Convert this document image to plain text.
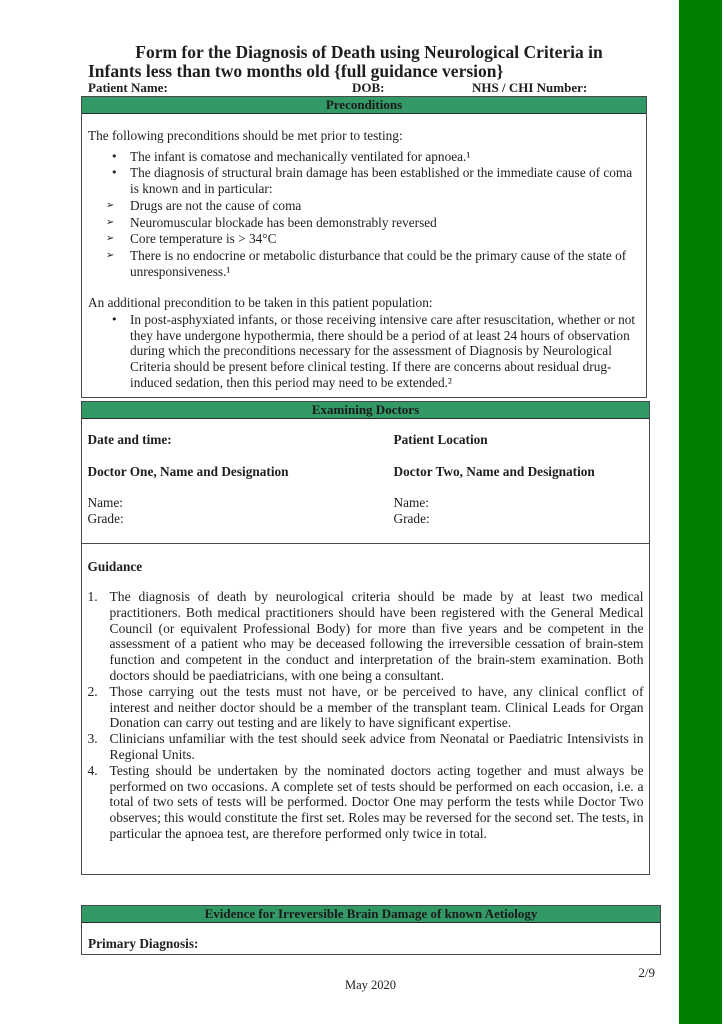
Form for the Diagnosis of Death using Neurological Criteria in
Infants less than two months old {full guidance version}
Patient Name:	DOB:	NHS / CHI Number:
Preconditions

The following preconditions should be met prior to testing:

• The infant is comatose and mechanically ventilated for apnoea.¹
• The diagnosis of structural brain damage has been established or the immediate cause of coma is known and in particular:
➢ Drugs are not the cause of coma
➢ Neuromuscular blockade has been demonstrably reversed
➢ Core temperature is > 34°C
➢ There is no endocrine or metabolic disturbance that could be the primary cause of the state of unresponsiveness.¹

An additional precondition to be taken in this patient population:

• In post-asphyxiated infants, or those receiving intensive care after resuscitation, whether or not they have undergone hypothermia, there should be a period of at least 24 hours of observation during which the preconditions necessary for the assessment of Diagnosis by Neurological Criteria should be present before clinical testing. If there are concerns about residual drug-induced sedation, then this period may need to be extended.²
Examining Doctors
Date and time:	Patient Location
Doctor One, Name and Designation	Doctor Two, Name and Designation
Name:
Grade:
Name:
Grade:
Guidance
1. The diagnosis of death by neurological criteria should be made by at least two medical practitioners. Both medical practitioners should have been registered with the General Medical Council (or equivalent Professional Body) for more than five years and be competent in the assessment of a patient who may be deceased following the irreversible cessation of brain-stem function and competent in the conduct and interpretation of the brain-stem examination. Both doctors should be paediatricians, with one being a consultant.
2. Those carrying out the tests must not have, or be perceived to have, any clinical conflict of interest and neither doctor should be a member of the transplant team. Clinical Leads for Organ Donation can carry out testing and are likely to have significant expertise.
3. Clinicians unfamiliar with the test should seek advice from Neonatal or Paediatric Intensivists in Regional Units.
4. Testing should be undertaken by the nominated doctors acting together and must always be performed on two occasions. A complete set of tests should be performed on each occasion, i.e. a total of two sets of tests will be performed. Doctor One may perform the tests while Doctor Two observes; this would constitute the first set. Roles may be reversed for the second set. The tests, in particular the apnoea test, are therefore performed only twice in total.
Evidence for Irreversible Brain Damage of known Aetiology
Primary Diagnosis:
2/9
May 2020
